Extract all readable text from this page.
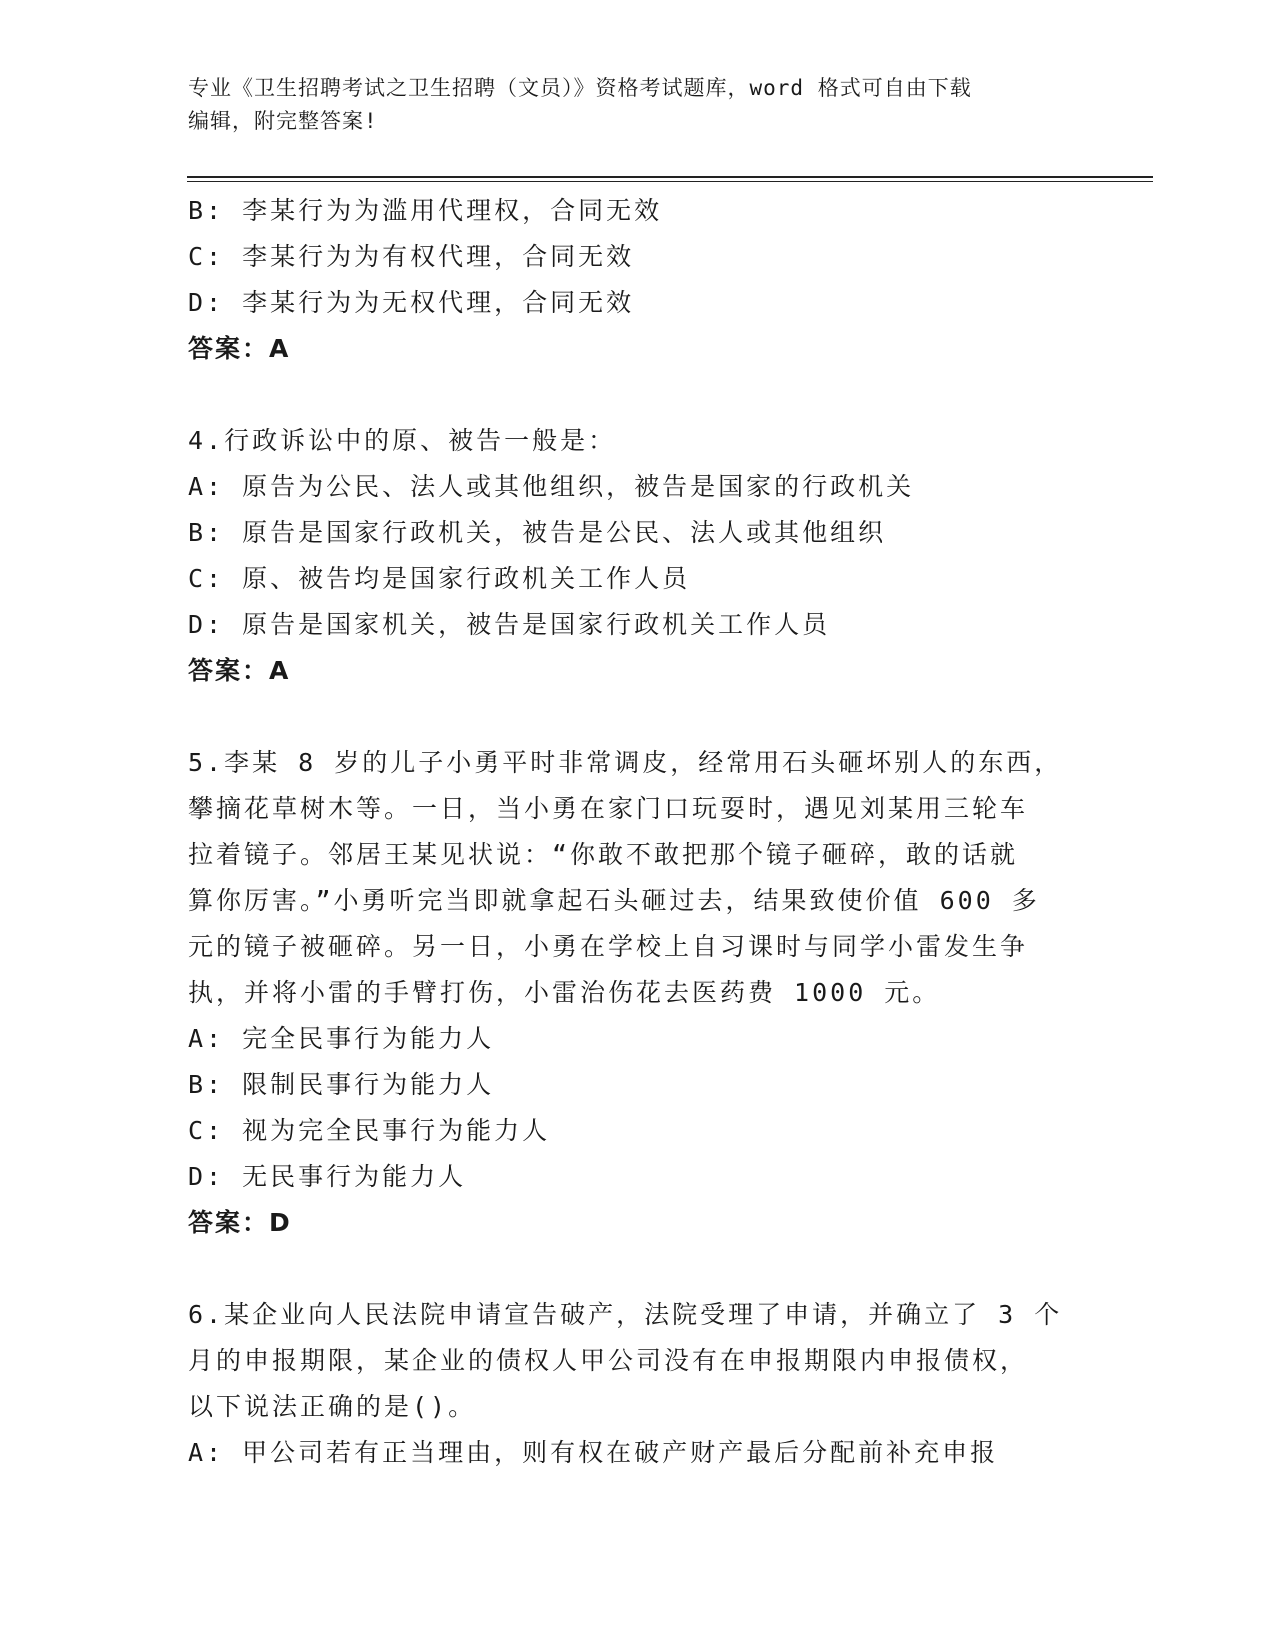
专业《卫生招聘考试之卫生招聘（文员）》资格考试题库，word 格式可自由下载
编辑，附完整答案!
B: 李某行为为滥用代理权，合同无效
C: 李某行为为有权代理，合同无效
D: 李某行为为无权代理，合同无效
答案：A
4.行政诉讼中的原、被告一般是：
A: 原告为公民、法人或其他组织，被告是国家的行政机关
B: 原告是国家行政机关，被告是公民、法人或其他组织
C: 原、被告均是国家行政机关工作人员
D: 原告是国家机关，被告是国家行政机关工作人员
答案：A
5.李某 8 岁的儿子小勇平时非常调皮，经常用石头砸坏别人的东西，
攀摘花草树木等。一日，当小勇在家门口玩耍时，遇见刘某用三轮车
拉着镜子。邻居王某见状说：“你敢不敢把那个镜子砸碎，敢的话就
算你厉害。”小勇听完当即就拿起石头砸过去，结果致使价值 600 多
元的镜子被砸碎。另一日，小勇在学校上自习课时与同学小雷发生争
执，并将小雷的手臂打伤，小雷治伤花去医药费 1000 元。
A: 完全民事行为能力人
B: 限制民事行为能力人
C: 视为完全民事行为能力人
D: 无民事行为能力人
答案：D
6.某企业向人民法院申请宣告破产，法院受理了申请，并确立了 3 个
月的申报期限，某企业的债权人甲公司没有在申报期限内申报债权，
以下说法正确的是()。
A: 甲公司若有正当理由，则有权在破产财产最后分配前补充申报
